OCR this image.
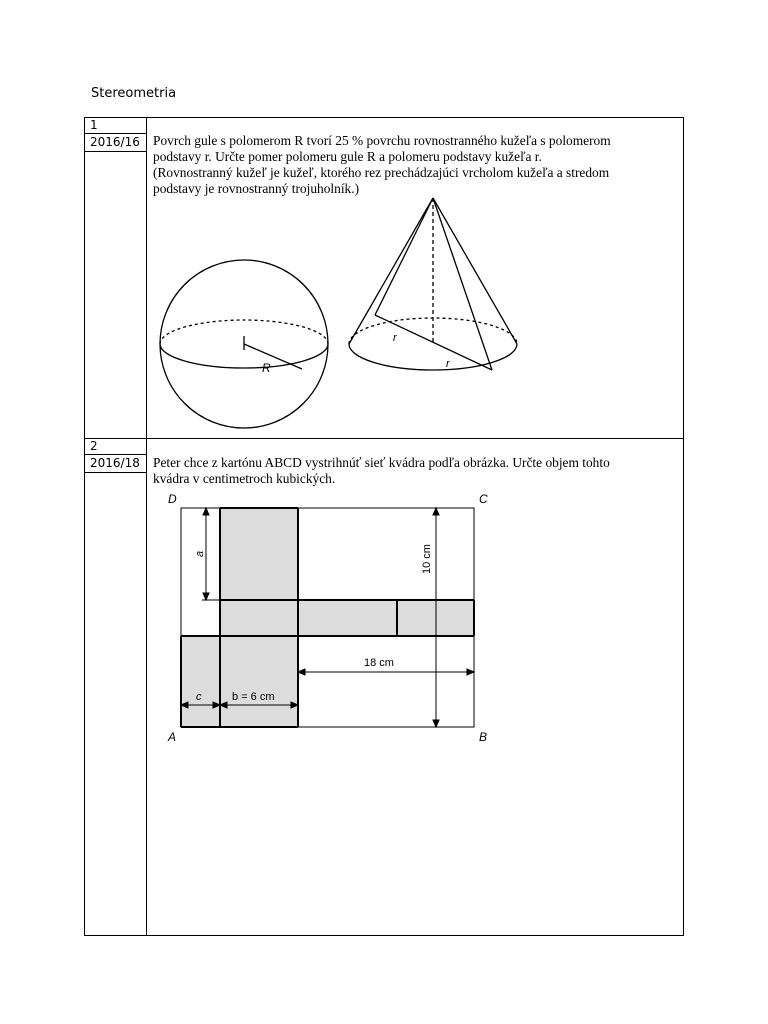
Stereometria
1
2016/16 Povrch gule s polomerom R tvorí 25 % povrchu rovnostranného kužeľa s polomerom

podstavy r. Určte pomer polomeru gule R a polomeru podstavy kužeľa r.

(Rovnostranný kužeľ je kužeľ, ktorého rez prechádzajúci vrcholom kužeľa a stredom

podstavy je rovnostranný trojuholník.)

R
r
r
2
2016/18 Peter chce z kartónu ABCD vystrihnúť sieť kvádra podľa obrázka. Určte objem tohto

kvádra v centimetroch kubických.

D	C
A	B
a	10 cm
18 cm
c	b = 6 cm
